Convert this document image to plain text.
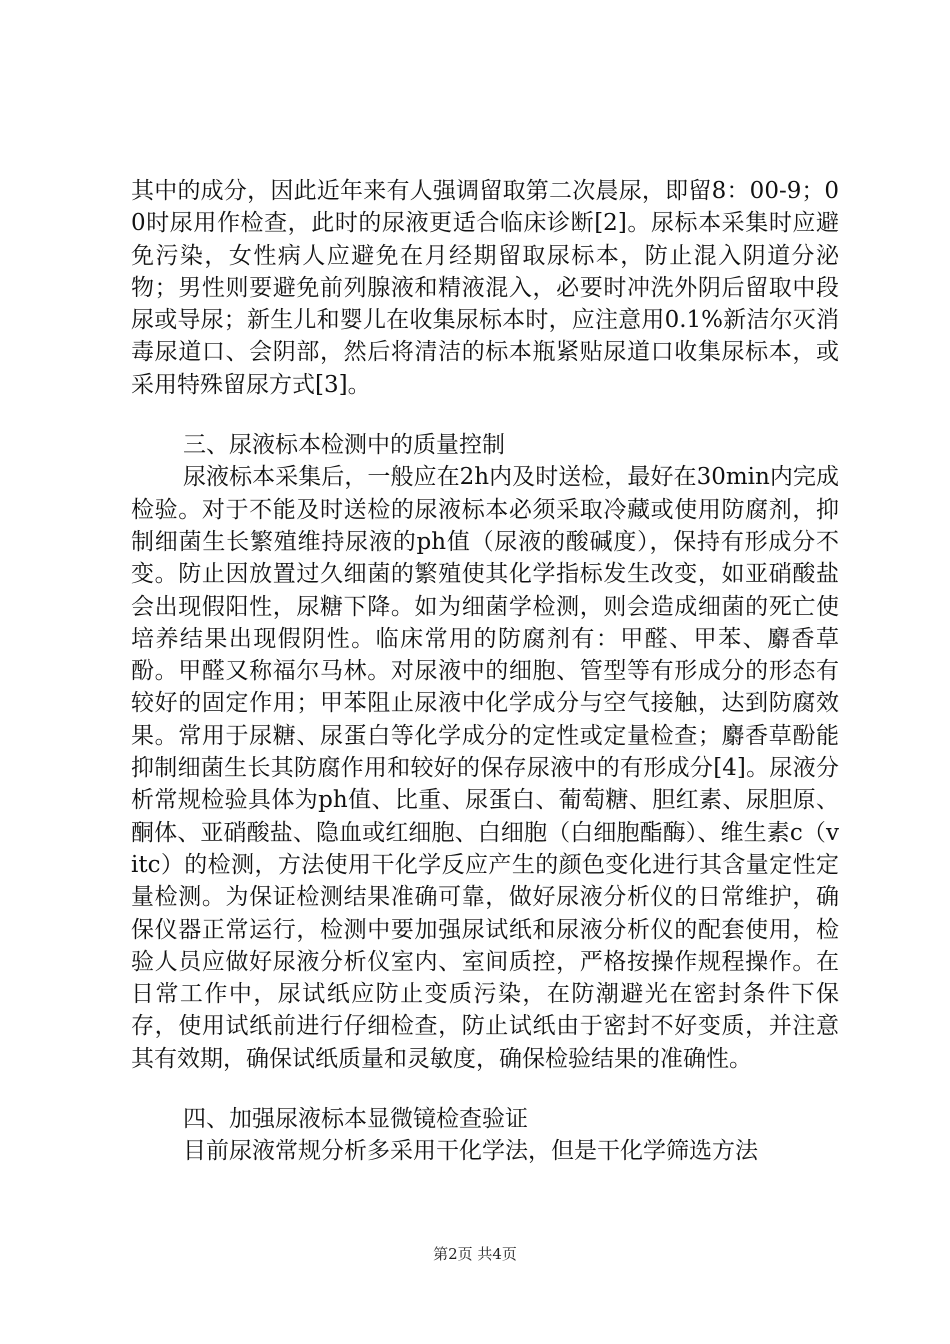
其中的成分，因此近年来有人强调留取第二次晨尿，即留8：00-9；00时尿用作检查，此时的尿液更适合临床诊断[2]。尿标本采集时应避免污染，女性病人应避免在月经期留取尿标本，防止混入阴道分泌物；男性则要避免前列腺液和精液混入，必要时冲洗外阴后留取中段尿或导尿；新生儿和婴儿在收集尿标本时，应注意用0.1%新洁尔灭消毒尿道口、会阴部，然后将清洁的标本瓶紧贴尿道口收集尿标本，或采用特殊留尿方式[3]。

三、尿液标本检测中的质量控制

尿液标本采集后，一般应在2h内及时送检，最好在30min内完成检验。对于不能及时送检的尿液标本必须采取冷藏或使用防腐剂，抑制细菌生长繁殖维持尿液的ph值（尿液的酸碱度），保持有形成分不变。防止因放置过久细菌的繁殖使其化学指标发生改变，如亚硝酸盐会出现假阳性，尿糖下降。如为细菌学检测，则会造成细菌的死亡使培养结果出现假阴性。临床常用的防腐剂有：甲醛、甲苯、麝香草酚。甲醛又称福尔马林。对尿液中的细胞、管型等有形成分的形态有较好的固定作用；甲苯阻止尿液中化学成分与空气接触，达到防腐效果。常用于尿糖、尿蛋白等化学成分的定性或定量检查；麝香草酚能抑制细菌生长其防腐作用和较好的保存尿液中的有形成分[4]。尿液分析常规检验具体为ph值、比重、尿蛋白、葡萄糖、胆红素、尿胆原、酮体、亚硝酸盐、隐血或红细胞、白细胞（白细胞酯酶）、维生素c（vitc）的检测，方法使用干化学反应产生的颜色变化进行其含量定性定量检测。为保证检测结果准确可靠，做好尿液分析仪的日常维护，确保仪器正常运行，检测中要加强尿试纸和尿液分析仪的配套使用，检验人员应做好尿液分析仪室内、室间质控，严格按操作规程操作。在日常工作中，尿试纸应防止变质污染，在防潮避光在密封条件下保存，使用试纸前进行仔细检查，防止试纸由于密封不好变质，并注意其有效期，确保试纸质量和灵敏度，确保检验结果的准确性。

四、加强尿液标本显微镜检查验证

目前尿液常规分析多采用干化学法，但是干化学筛选方法

第2页 共4页
